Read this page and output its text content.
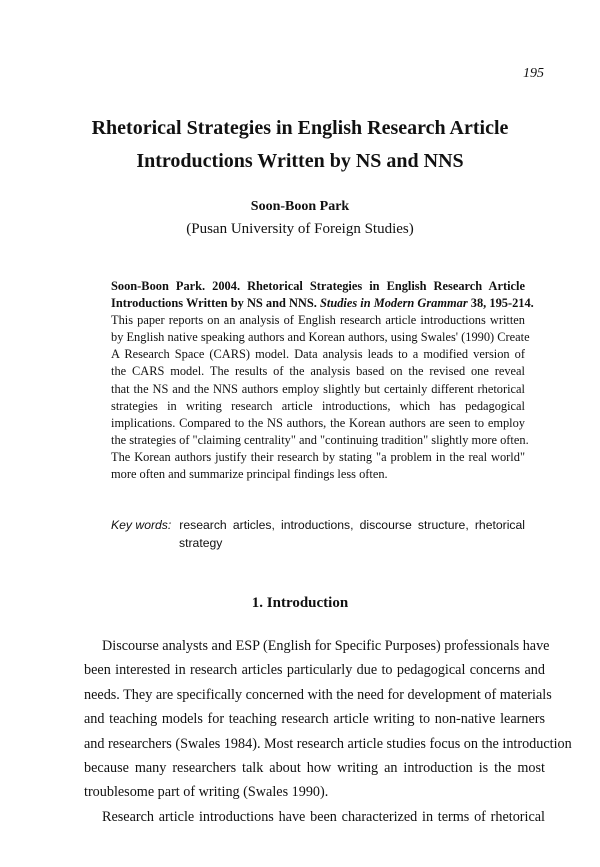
195
Rhetorical Strategies in English Research Article
Introductions Written by NS and NNS
Soon-Boon Park
(Pusan University of Foreign Studies)
Soon-Boon Park. 2004. Rhetorical Strategies in English Research Article
Introductions Written by NS and NNS. Studies in Modern Grammar 38, 195-214.
This paper reports on an analysis of English research article introductions written
by English native speaking authors and Korean authors, using Swales' (1990) Create
A Research Space (CARS) model. Data analysis leads to a modified version of
the CARS model. The results of the analysis based on the revised one reveal
that the NS and the NNS authors employ slightly but certainly different rhetorical
strategies in writing research article introductions, which has pedagogical
implications. Compared to the NS authors, the Korean authors are seen to employ
the strategies of "claiming centrality" and "continuing tradition" slightly more often.
The Korean authors justify their research by stating "a problem in the real world"
more often and summarize principal findings less often.
Key words: research articles, introductions, discourse structure, rhetorical
strategy
1. Introduction
Discourse analysts and ESP (English for Specific Purposes) professionals have
been interested in research articles particularly due to pedagogical concerns and
needs. They are specifically concerned with the need for development of materials
and teaching models for teaching research article writing to non-native learners
and researchers (Swales 1984). Most research article studies focus on the introduction
because many researchers talk about how writing an introduction is the most
troublesome part of writing (Swales 1990).
Research article introductions have been characterized in terms of rhetorical
